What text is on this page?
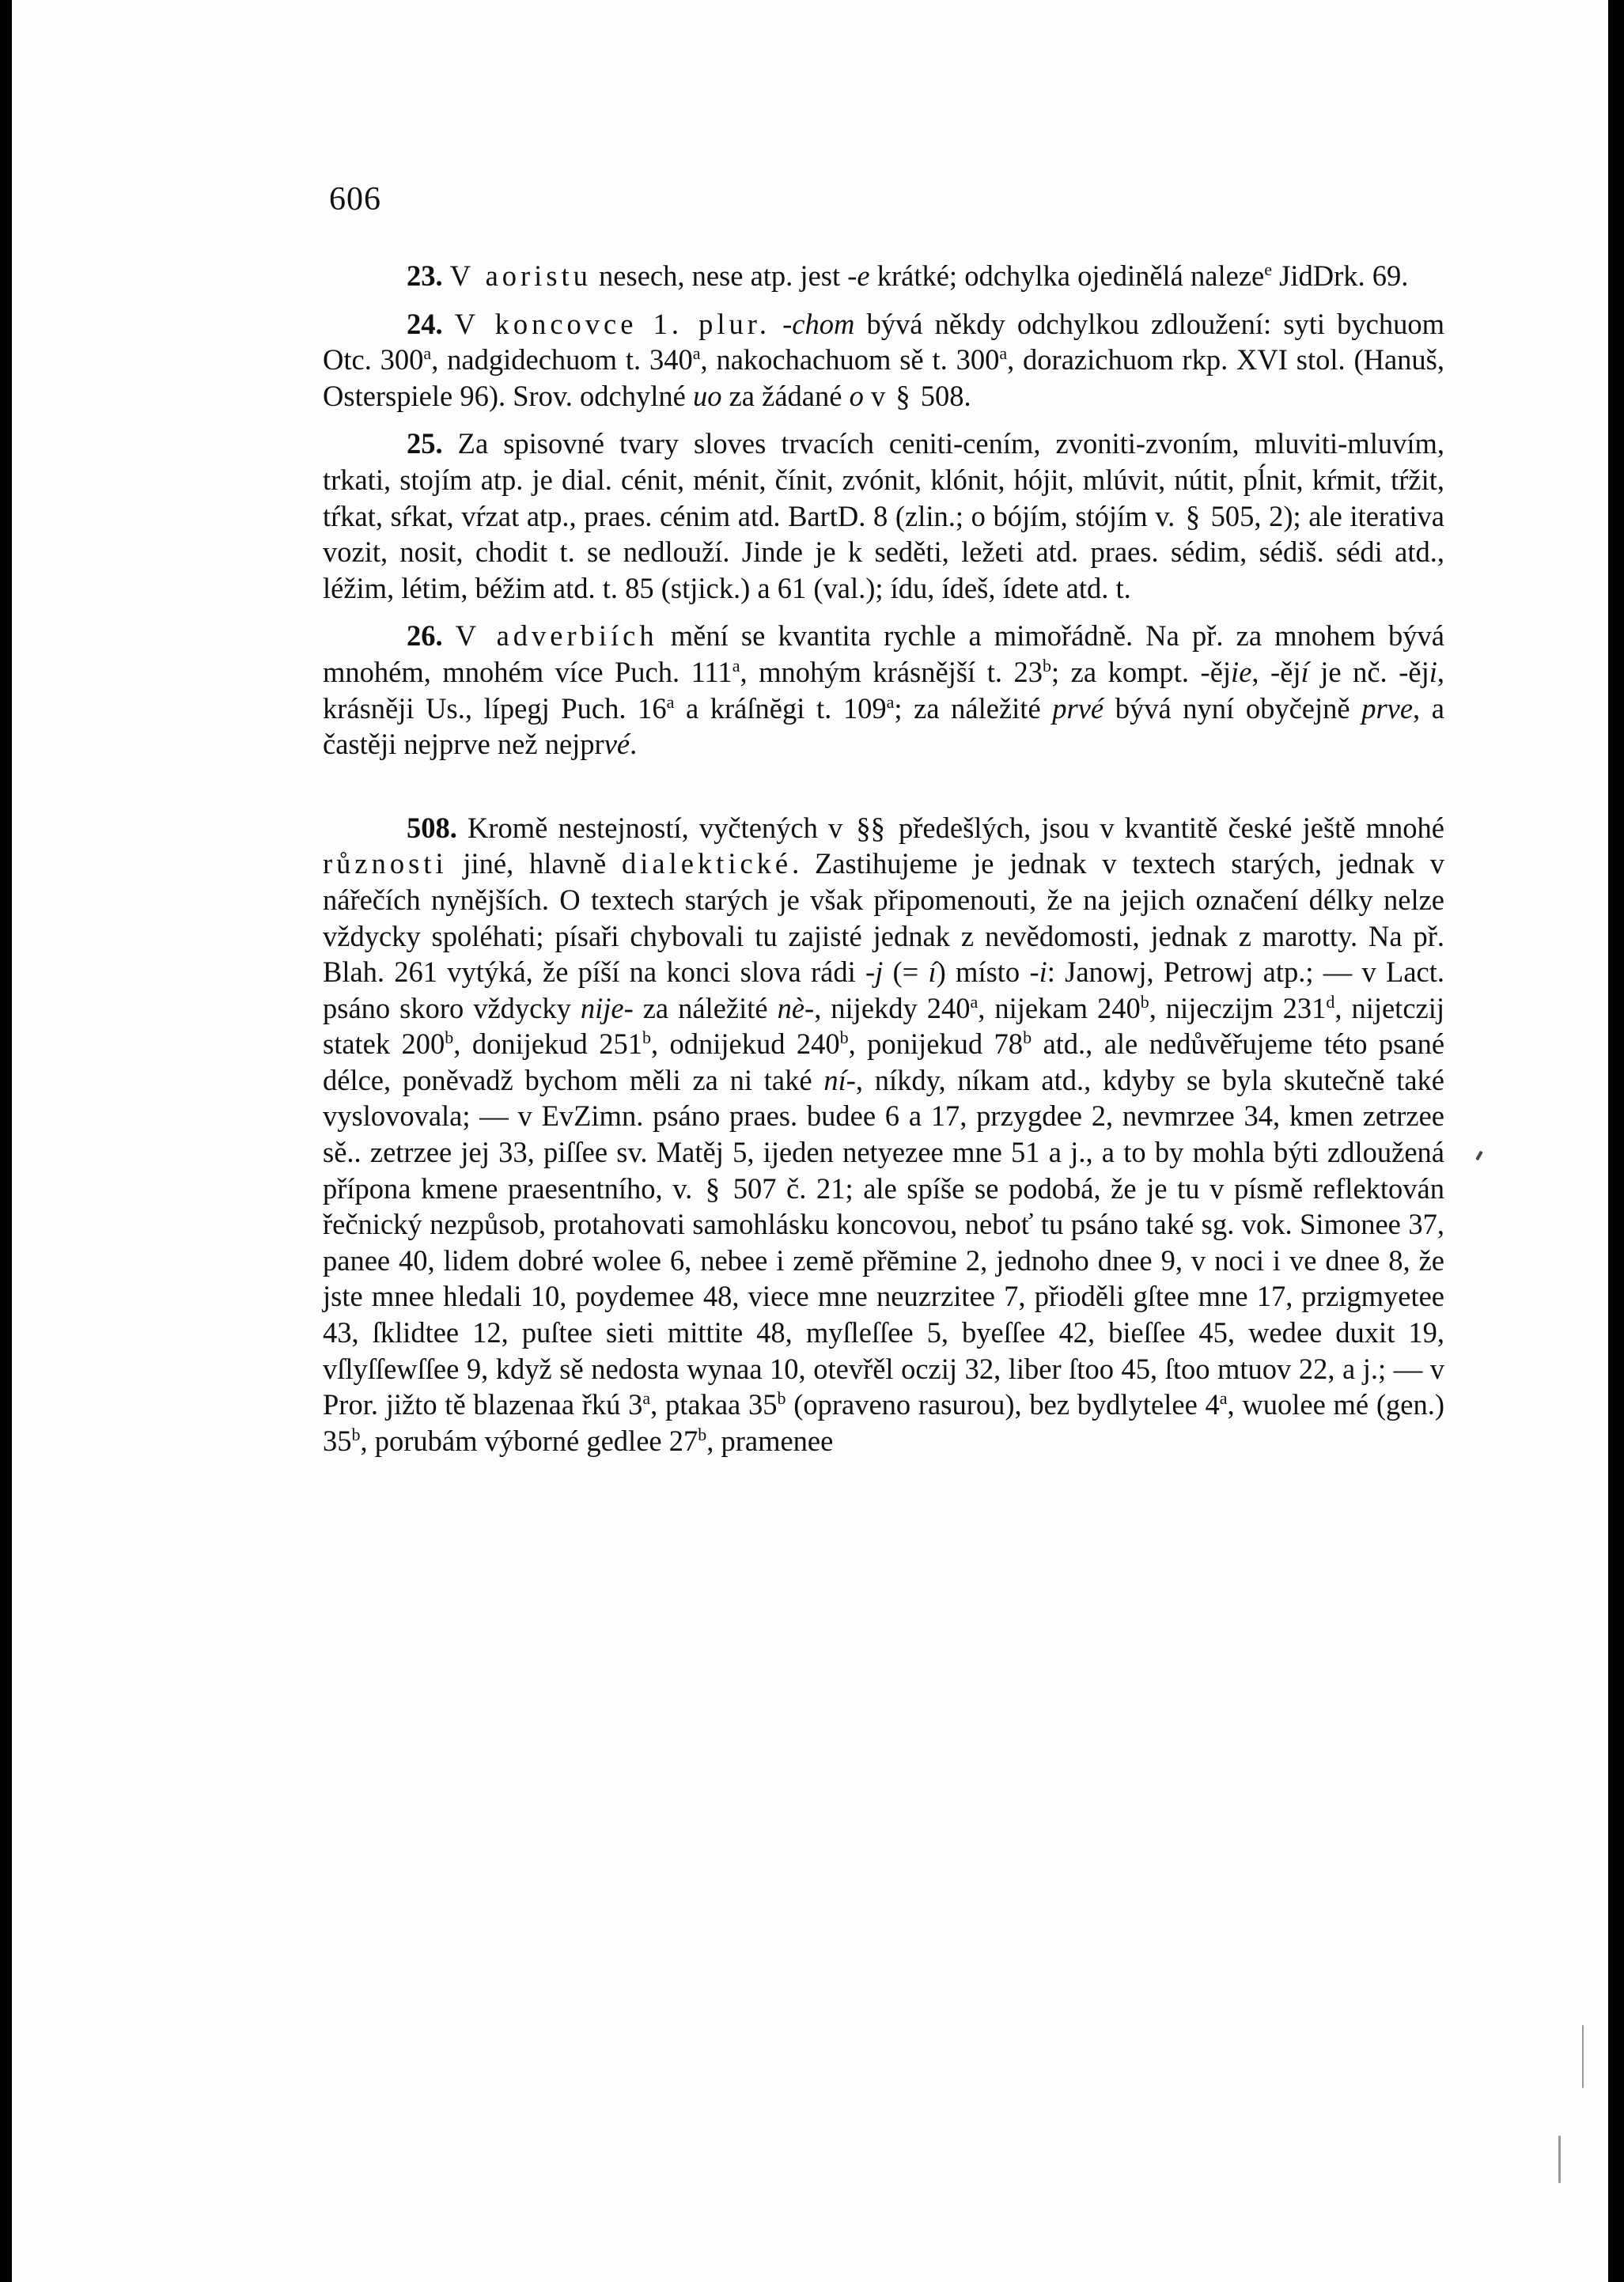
606

23. V aoristu nesech, nese atp. jest -e krátké; odchylka ojedinělá naleze$^e$ JidDrk. 69.

24. V koncovce 1. plur. -chom bývá někdy odchylkou zdloužení: syti bychuom Otc. 300$^a$, nadgidechuom t. 340$^a$, nakochachuom sě t. 300$^a$, dorazichuom rkp. XVI stol. (Hanuš, Osterspiele 96). Srov. odchylné uo za žádané o v § 508.

25. Za spisovné tvary sloves trvacích ceniti-cením, zvoniti-zvoním, mluviti-mluvím, trkati, stojím atp. je dial. cénit, ménit, čínit, zvónit, klónit, hójit, mlúvit, nútit, pĺnit, kŕmit, tŕžit, tŕkat, sŕkat, vŕzat atp., praes. cénim atd. BartD. 8 (zlin.; o bójím, stójím v. § 505, 2); ale iterativa vozit, nosit, chodit t. se nedlouží. Jinde je k seděti, ležeti atd. praes. sédim, sédiš. sédi atd., léžim, létim, béžim atd. t. 85 (stjick.) a 61 (val.); ídu, ídeš, ídete atd. t.

26. V adverbiích mění se kvantita rychle a mimořádně. Na př. za mnohem bývá mnohém, mnohém více Puch. 111$^a$, mnohým krásnější t. 23$^b$; za kompt. -ějie, -ějí je nč. -ěji, krásněji Us., lípegj Puch. 16$^a$ a kráſnĕgi t. 109$^a$; za náležité prvé bývá nyní obyčejně prve, a častěji nejprve než nejprvé.

508. Kromě nestejností, vyčtených v §§ předešlých, jsou v kvantitě české ještě mnohé různosti jiné, hlavně dialektické. Zastihujeme je jednak v textech starých, jednak v nářečích nynějších. O textech starých je však připomenouti, že na jejich označení délky nelze vždycky spoléhati; písaři chybovali tu zajisté jednak z nevědomosti, jednak z marotty. Na př. Blah. 261 vytýká, že píší na konci slova rádi -j (= í) místo -i: Janowj, Petrowj atp.; — v Lact. psáno skoro vždycky nije- za náležité nè-, nijekdy 240$^a$, nijekam 240$^b$, nijeczijm 231$^d$, nijetczij statek 200$^b$, donijekud 251$^b$, odnijekud 240$^b$, ponijekud 78$^b$ atd., ale nedůvěřujeme této psané délce, poněvadž bychom měli za ni také ní-, níkdy, níkam atd., kdyby se byla skutečně také vyslovovala; — v EvZimn. psáno praes. budee 6 a 17, przygdee 2, nevmrzee 34, kmen zetrzee sě.. zetrzee jej 33, piſſee sv. Matěj 5, ijeden netyezee mne 51 a j., a to by mohla býti zdloužená přípona kmene praesentního, v. § 507 č. 21; ale spíše se podobá, že je tu v písmě reflektován řečnický nezpůsob, protahovati samohlásku koncovou, neboť tu psáno také sg. vok. Simonee 37, panee 40, lidem dobré wolee 6, nebee i zemĕ přĕmine 2, jednoho dnee 9, v noci i ve dnee 8, že jste mnee hledali 10, poydemee 48, viece mne neuzrzitee 7, přioděli gſtee mne 17, przigmyetee 43, ſklidtee 12, puſtee sieti mittite 48, myſleſſee 5, byeſſee 42, bieſſee 45, wedee duxit 19, vſlyſſewſſee 9, když sě nedosta wynaa 10, otevřěl oczij 32, liber ſtoo 45, ſtoo mtuov 22, a j.; — v Pror. jižto tě blazenaa řkú 3$^a$, ptakaa 35$^b$ (opraveno rasurou), bez bydlytelee 4$^a$, wuolee mé (gen.) 35$^b$, porubám výborné gedlee 27$^b$, pramenee
